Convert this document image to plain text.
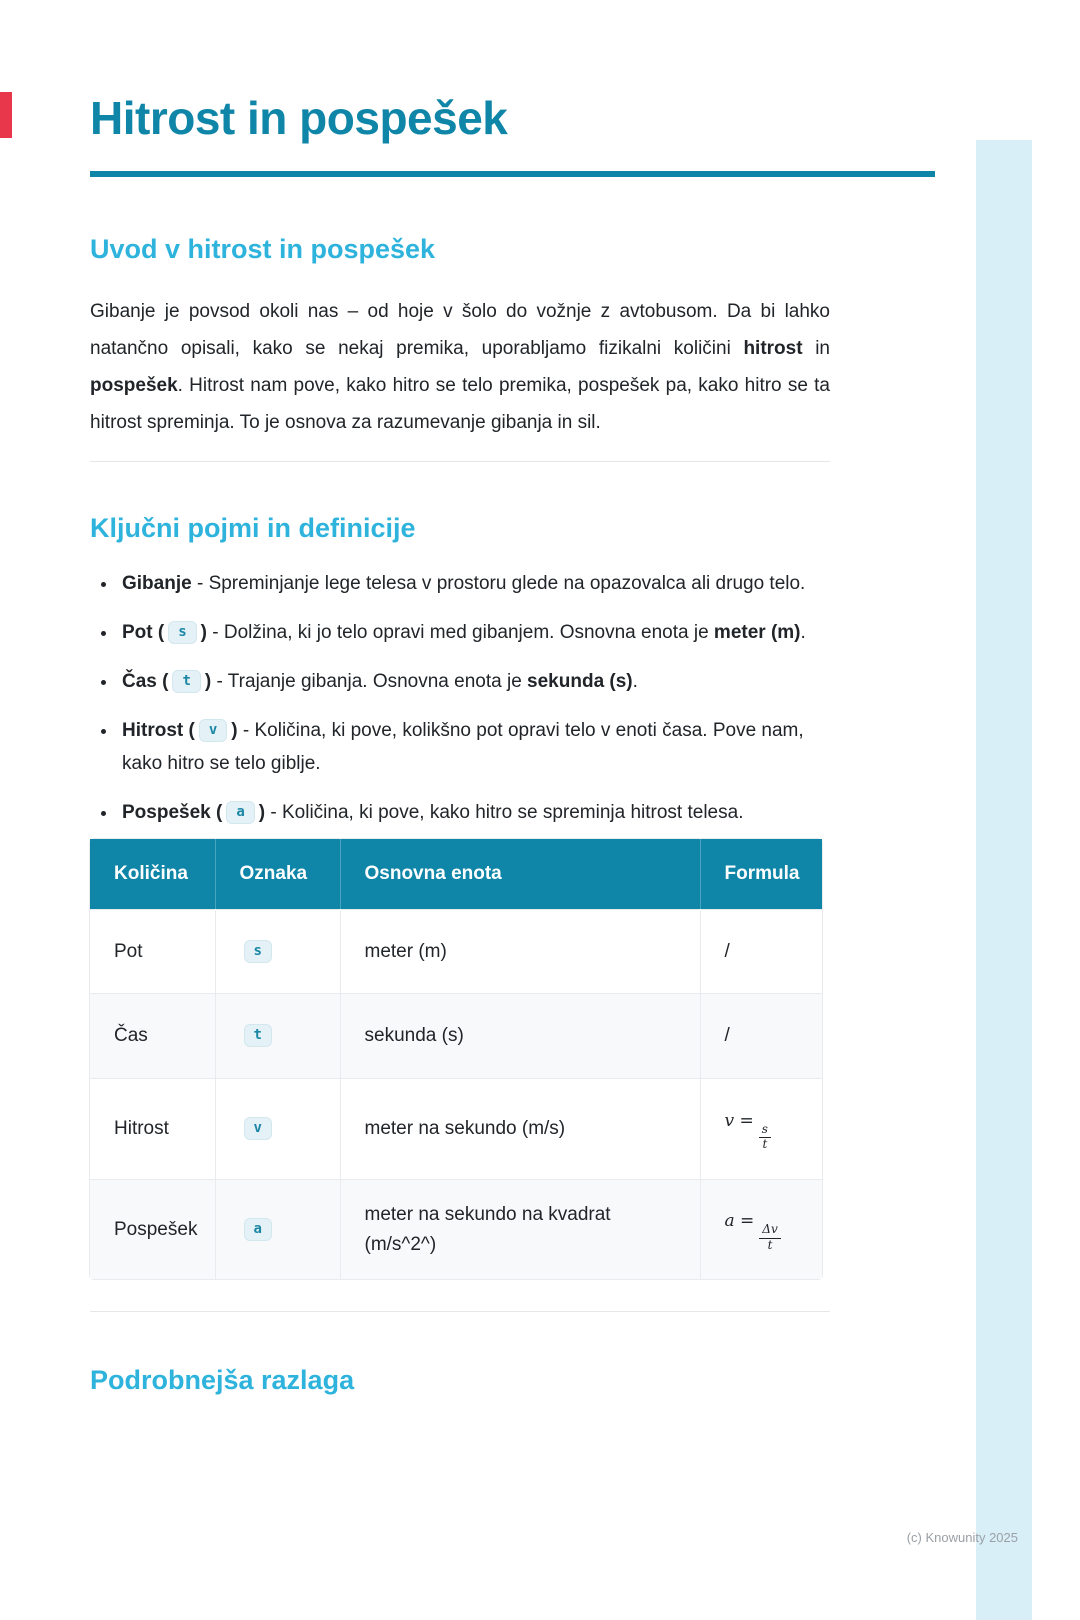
Hitrost in pospešek
Uvod v hitrost in pospešek

Gibanje je povsod okoli nas – od hoje v šolo do vožnje z avtobusom. Da bi lahko natančno opisali, kako se nekaj premika, uporabljamo fizikalni količini hitrost in pospešek. Hitrost nam pove, kako hitro se telo premika, pospešek pa, kako hitro se ta hitrost spreminja. To je osnova za razumevanje gibanja in sil.

Ključni pojmi in definicije
• Gibanje - Spreminjanje lege telesa v prostoru glede na opazovalca ali drugo telo.
• Pot ( s ) - Dolžina, ki jo telo opravi med gibanjem. Osnovna enota je meter (m).
• Čas ( t ) - Trajanje gibanja. Osnovna enota je sekunda (s).
• Hitrost ( v ) - Količina, ki pove, kolikšno pot opravi telo v enoti časa. Pove nam, kako hitro se telo giblje.
• Pospešek ( a ) - Količina, ki pove, kako hitro se spreminja hitrost telesa.
Količina	Oznaka	Osnovna enota	Formula
Pot	s	meter (m)	/
Čas	t	sekunda (s)	/
Hitrost	v	meter na sekundo (m/s)	v =
$\frac{s}{t}$

Pospešek	a	meter na sekundo na kvadrat (m/s^2^)	a =
$\frac{\Delta v}{t}$
Podrobnejša razlaga
(c) Knowunity 2025
